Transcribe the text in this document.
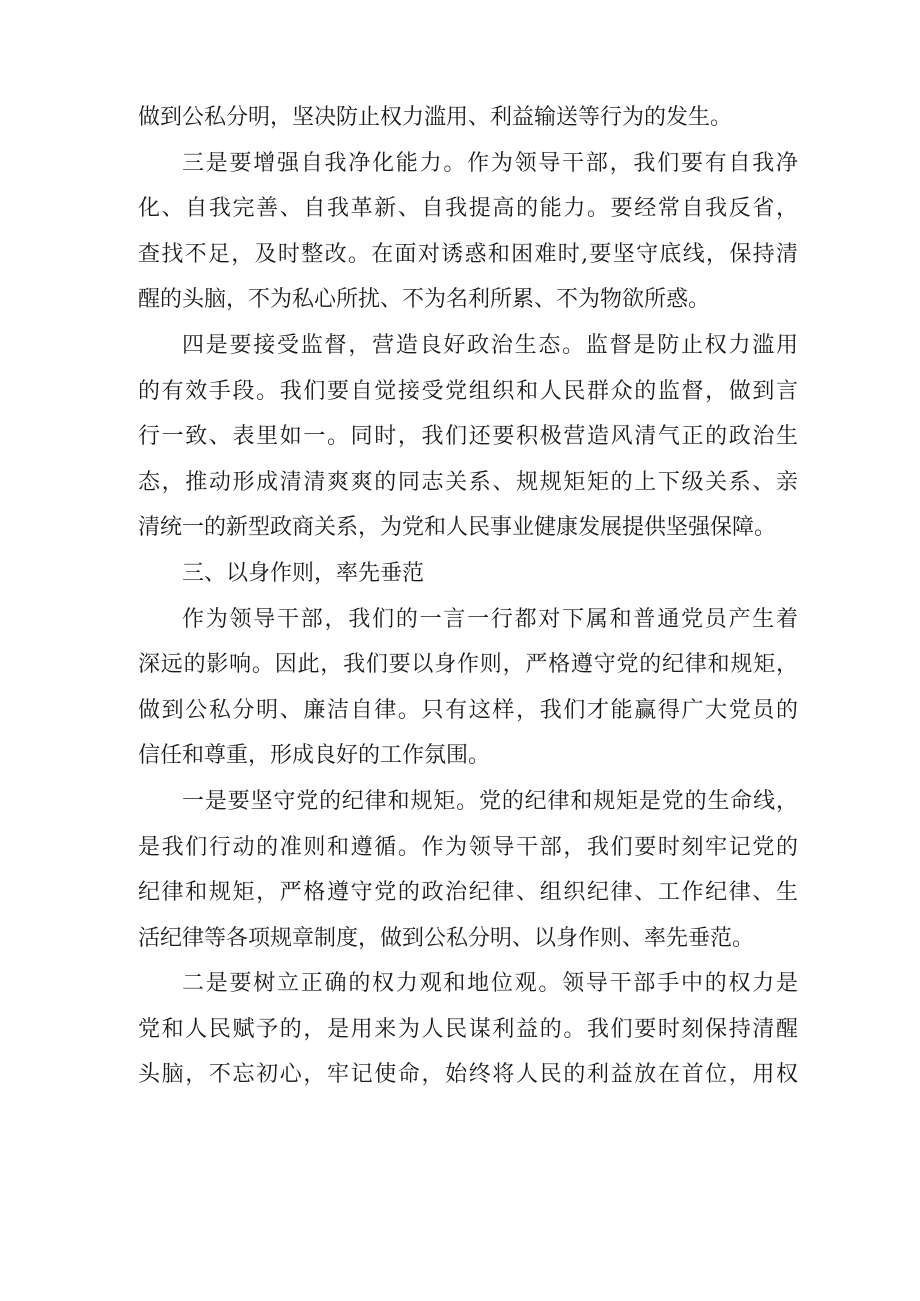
做到公私分明，坚决防止权力滥用、利益输送等行为的发生。
三是要增强自我净化能力。作为领导干部，我们要有自我净
化、自我完善、自我革新、自我提高的能力。要经常自我反省，
查找不足，及时整改。在面对诱惑和困难时,要坚守底线，保持清
醒的头脑，不为私心所扰、不为名利所累、不为物欲所惑。
四是要接受监督，营造良好政治生态。监督是防止权力滥用
的有效手段。我们要自觉接受党组织和人民群众的监督，做到言
行一致、表里如一。同时，我们还要积极营造风清气正的政治生
态，推动形成清清爽爽的同志关系、规规矩矩的上下级关系、亲
清统一的新型政商关系，为党和人民事业健康发展提供坚强保障。
三、以身作则，率先垂范
作为领导干部，我们的一言一行都对下属和普通党员产生着
深远的影响。因此，我们要以身作则，严格遵守党的纪律和规矩，
做到公私分明、廉洁自律。只有这样，我们才能赢得广大党员的
信任和尊重，形成良好的工作氛围。
一是要坚守党的纪律和规矩。党的纪律和规矩是党的生命线，
是我们行动的准则和遵循。作为领导干部，我们要时刻牢记党的
纪律和规矩，严格遵守党的政治纪律、组织纪律、工作纪律、生
活纪律等各项规章制度，做到公私分明、以身作则、率先垂范。
二是要树立正确的权力观和地位观。领导干部手中的权力是
党和人民赋予的，是用来为人民谋利益的。我们要时刻保持清醒
头脑，不忘初心，牢记使命，始终将人民的利益放在首位，用权
